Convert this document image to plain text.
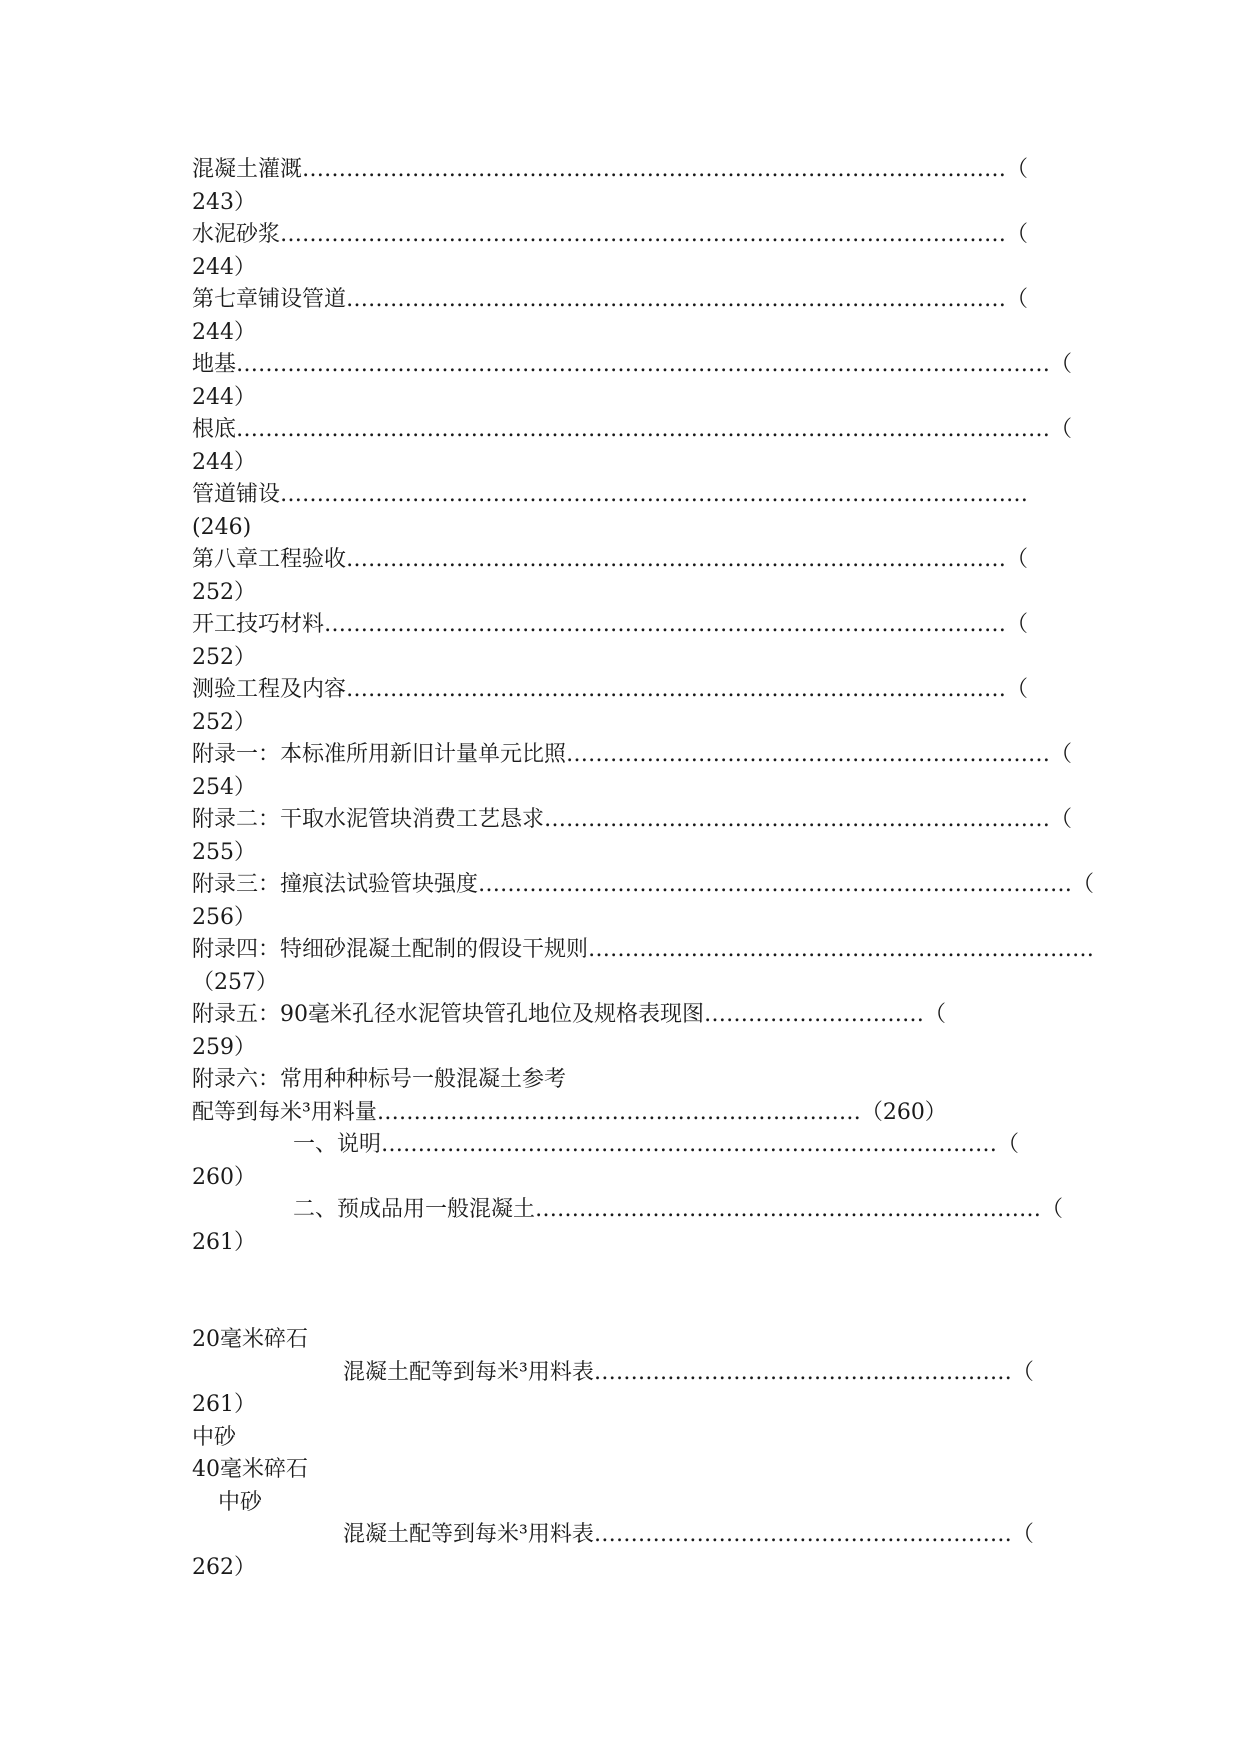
混凝土灌溉……………………………………………………………………………………（

243）

水泥砂浆………………………………………………………………………………………（

244）

第七章铺设管道………………………………………………………………………………（

244）

地基…………………………………………………………………………………………………（

244）

根底…………………………………………………………………………………………………（

244）

管道铺设…………………………………………………………………………………………

(246)

第八章工程验收………………………………………………………………………………（

252）

开工技巧材料…………………………………………………………………………………（

252）

测验工程及内容………………………………………………………………………………（

252）

附录一：本标准所用新旧计量单元比照…………………………………………………………（

254）

附录二：干取水泥管块消费工艺恳求……………………………………………………………（

255）

附录三：撞痕法试验管块强度………………………………………………………………………（

256）

附录四：特细砂混凝土配制的假设干规则……………………………………………………………

（257）

附录五：90毫米孔径水泥管块管孔地位及规格表现图…………………………（

259）

附录六：常用种种标号一般混凝土参考

配等到每米³用料量…………………………………………………………（260）

一、说明…………………………………………………………………………（

260）

二、预成品用一般混凝土……………………………………………………………（

261）

20毫米碎石

混凝土配等到每米³用料表…………………………………………………（

261）

中砂

40毫米碎石

中砂

混凝土配等到每米³用料表…………………………………………………（

262）
